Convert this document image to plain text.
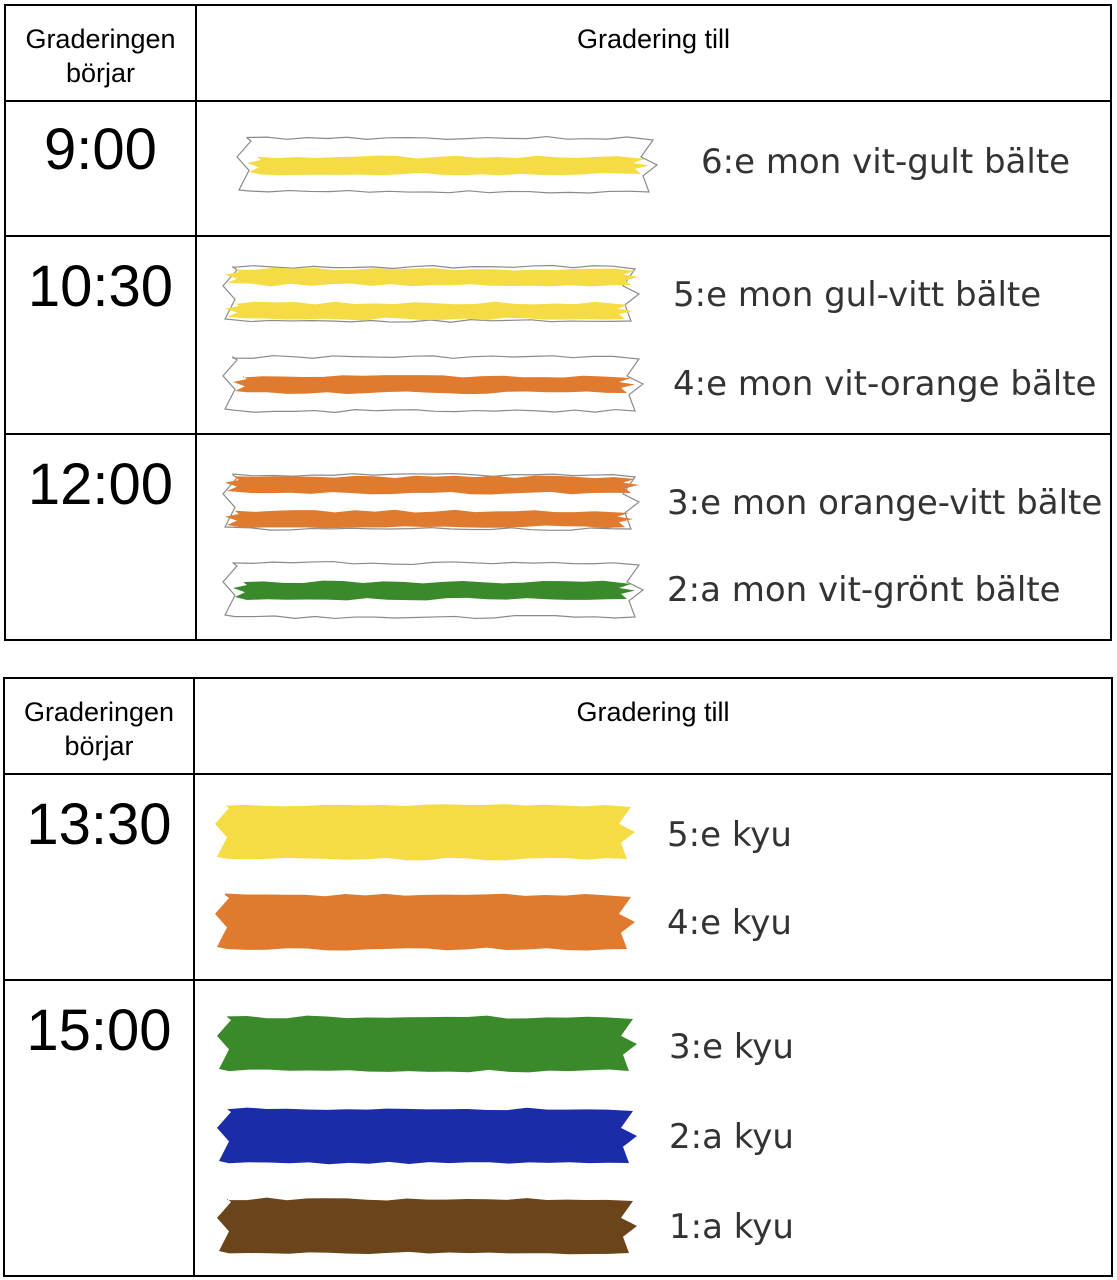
Graderingen börjar	Gradering till

9:00	6:e mon vit-gult bälte

10:30	5:e mon gul-vitt bälte
4:e mon vit-orange bälte

12:00	3:e mon orange-vitt bälte
2:a mon vit-grönt bälte
Graderingen börjar	Gradering till

13:30	5:e kyu
4:e kyu

15:00	3:e kyu
2:a kyu
1:a kyu
